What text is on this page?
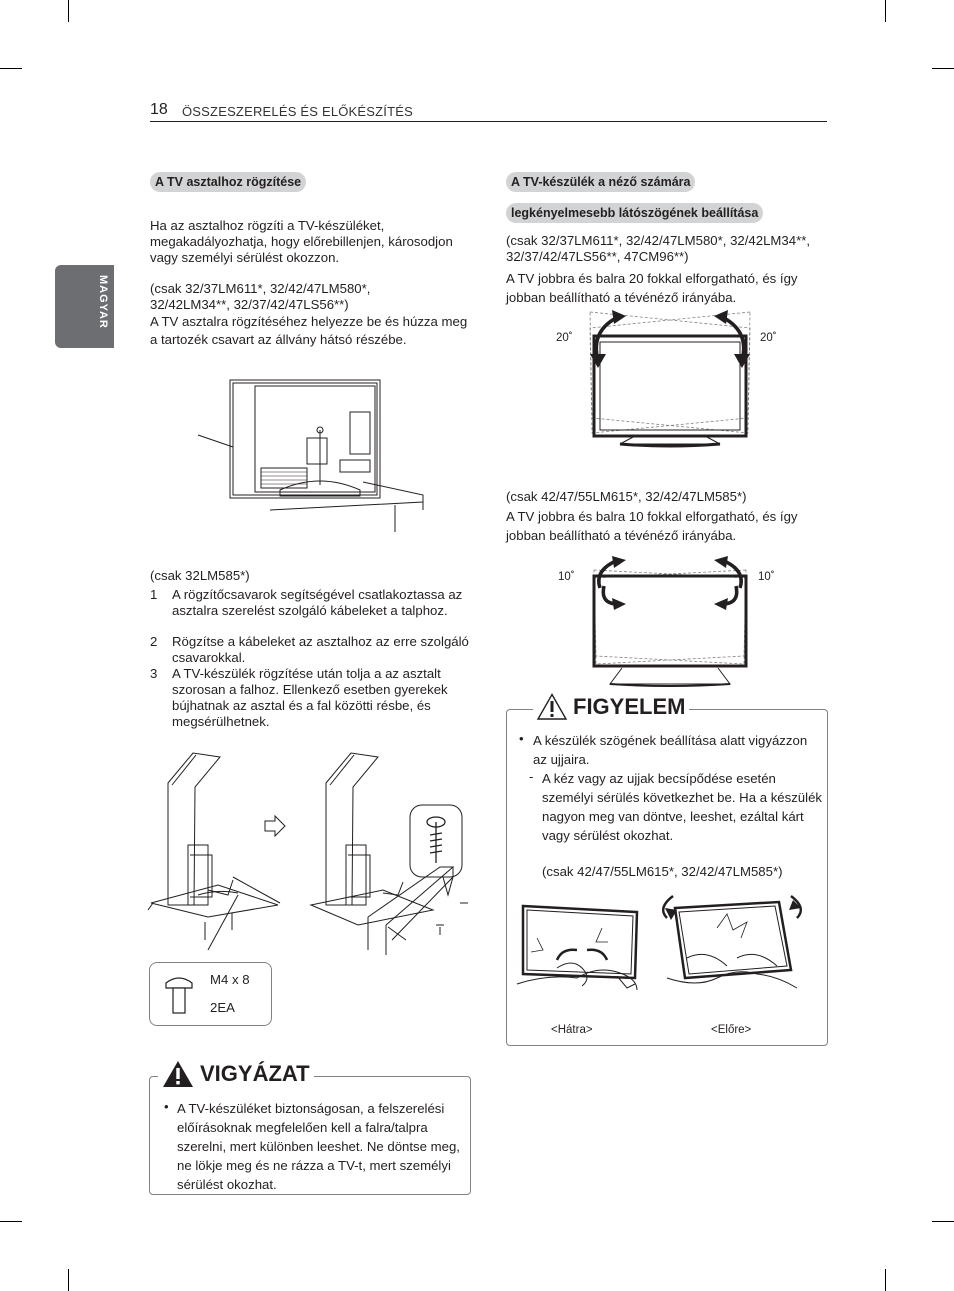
18 ÖSSZESZERELÉS ÉS ELŐKÉSZÍTÉS
MAGYAR
A TV asztalhoz rögzítése
Ha az asztalhoz rögzíti a TV-készüléket, megakadályozhatja, hogy előrebillenjen, károsodjon vagy személyi sérülést okozzon.
(csak 32/37LM611*, 32/42/47LM580*, 32/42LM34**, 32/37/42/47LS56**)
A TV asztalra rögzítéséhez helyezze be és húzza meg a tartozék csavart az állvány hátsó részébe.
(csak 32LM585*)
1 A rögzítőcsavarok segítségével csatlakoztassa az asztalra szerelést szolgáló kábeleket a talphoz.
2 Rögzítse a kábeleket az asztalhoz az erre szolgáló csavarokkal.
3 A TV-készülék rögzítése után tolja a az asztalt szorosan a falhoz. Ellenkező esetben gyerekek bújhatnak az asztal és a fal közötti résbe, és megsérülhetnek.
M4 x 8
2EA
VIGYÁZAT
• A TV-készüléket biztonságosan, a felszerelési előírásoknak megfelelően kell a falra/talpra szerelni, mert különben leeshet. Ne döntse meg, ne lökje meg és ne rázza a TV-t, mert személyi sérülést okozhat.
A TV-készülék a néző számára
legkényelmesebb látószögének beállítása
(csak 32/37LM611*, 32/42/47LM580*, 32/42LM34**, 32/37/42/47LS56**, 47CM96**)
A TV jobbra és balra 20 fokkal elforgatható, és így jobban beállítható a tévénéző irányába.
20˚	20˚
(csak 42/47/55LM615*, 32/42/47LM585*)
A TV jobbra és balra 10 fokkal elforgatható, és így jobban beállítható a tévénéző irányába.
10˚	10˚
FIGYELEM
• A készülék szögének beállítása alatt vigyázzon az ujjaira.
- A kéz vagy az ujjak becsípődése esetén személyi sérülés következhet be. Ha a készülék nagyon meg van döntve, leeshet, ezáltal kárt vagy sérülést okozhat.
(csak 42/47/55LM615*, 32/42/47LM585*)
<Hátra>	<Előre>
